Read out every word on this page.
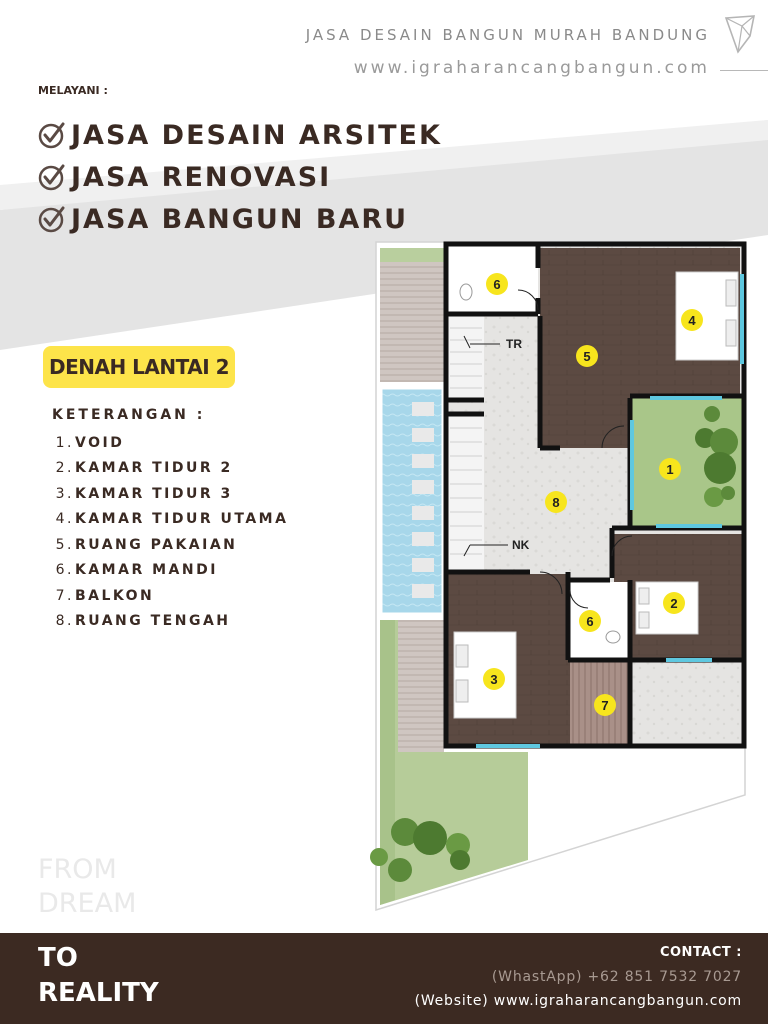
JASA DESAIN BANGUN MURAH BANDUNG
www.igraharancangbangun.com
MELAYANI :
JASA DESAIN ARSITEK
JASA RENOVASI
JASA BANGUN BARU
DENAH LANTAI 2
KETERANGAN :
1. VOID
2. KAMAR TIDUR 2
3. KAMAR TIDUR 3
4. KAMAR TIDUR UTAMA
5. RUANG PAKAIAN
6. KAMAR MANDI
7. BALKON
8. RUANG TENGAH
TR
NK
6
4
5
1
8
2
6
3
7
FROM
DREAM
TO
REALITY
CONTACT :
(WhastApp) +62 851 7532 7027
(Website) www.igraharancangbangun.com
